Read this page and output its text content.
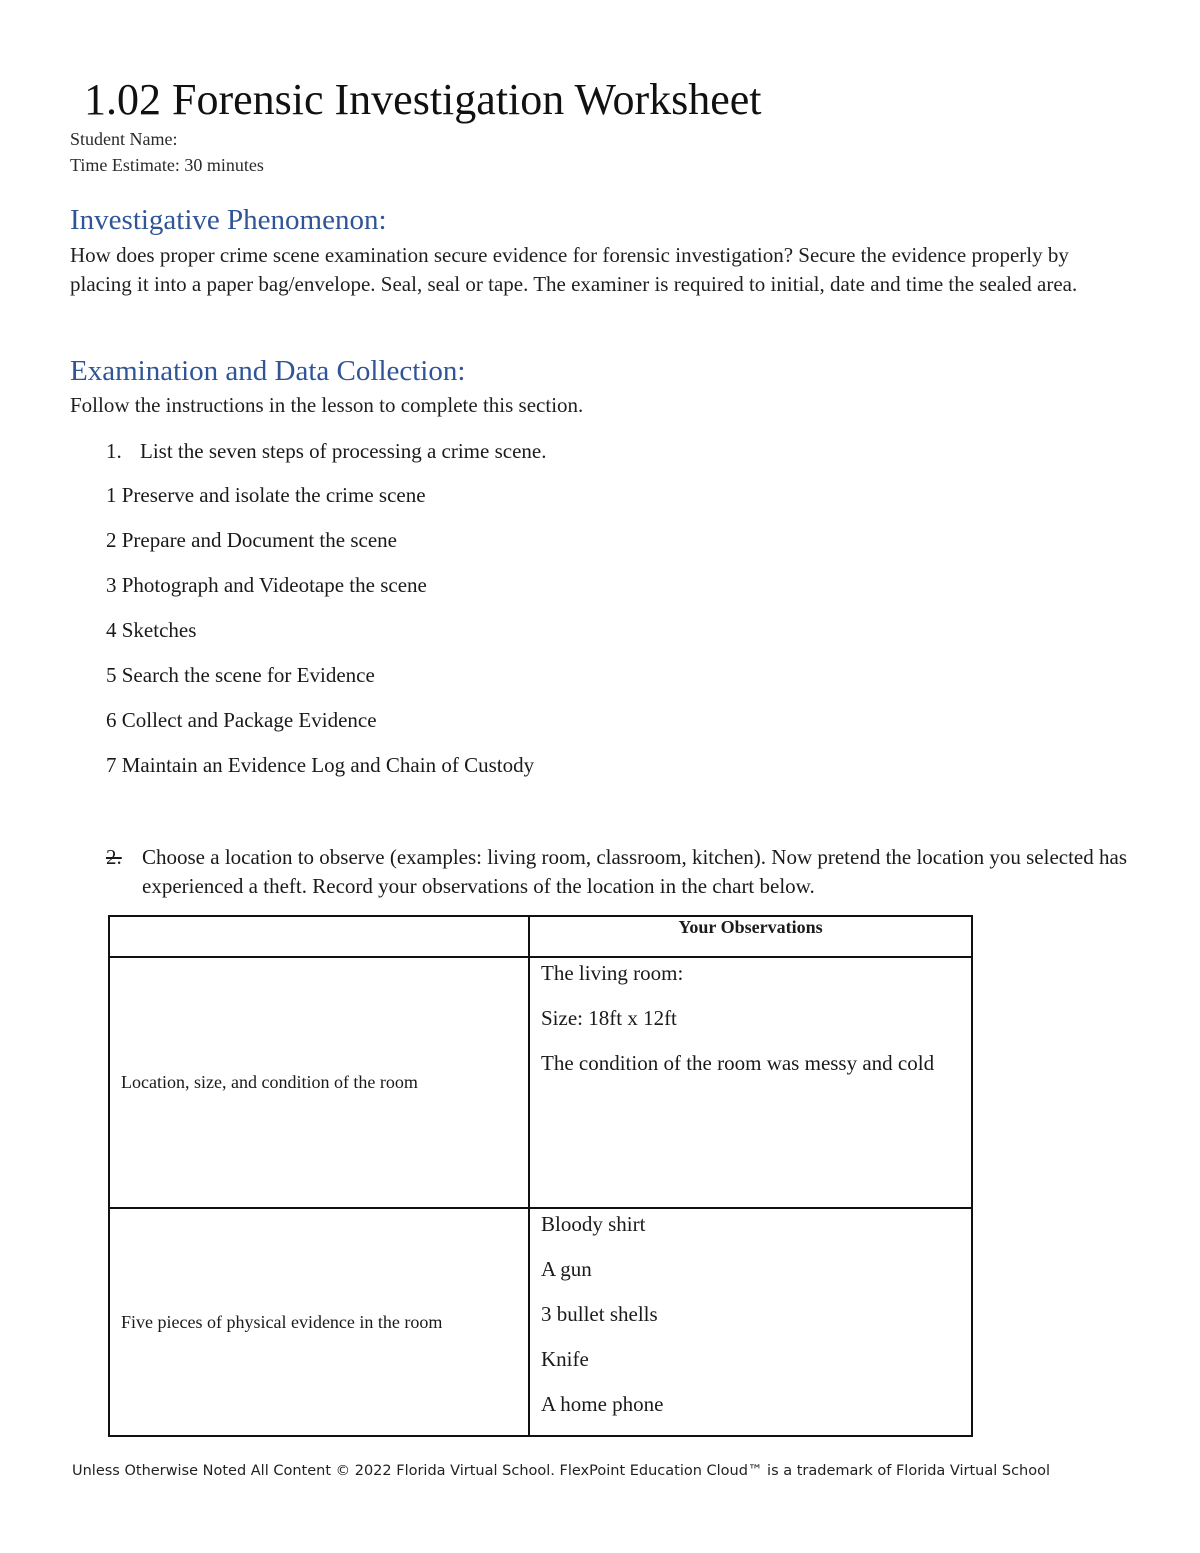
1.02 Forensic Investigation Worksheet
Student Name:
Time Estimate: 30 minutes
Investigative Phenomenon:
How does proper crime scene examination secure evidence for forensic investigation? Secure the evidence properly by placing it into a paper bag/envelope. Seal, seal or tape. The examiner is required to initial, date and time the sealed area.
Examination and Data Collection:
Follow the instructions in the lesson to complete this section.
1. List the seven steps of processing a crime scene.
1 Preserve and isolate the crime scene
2 Prepare and Document the scene
3 Photograph and Videotape the scene
4 Sketches
5 Search the scene for Evidence
6 Collect and Package Evidence
7 Maintain an Evidence Log and Chain of Custody
2. Choose a location to observe (examples: living room, classroom, kitchen). Now pretend the location you selected has experienced a theft. Record your observations of the location in the chart below.
	Your Observations
Location, size, and condition of the room	The living room:

Size: 18ft x 12ft

The condition of the room was messy and cold

Five pieces of physical evidence in the room	Bloody shirt

A gun

3 bullet shells

Knife

A home phone

Unless Otherwise Noted All Content © 2022 Florida Virtual School. FlexPoint Education Cloud™ is a trademark of Florida Virtual School
